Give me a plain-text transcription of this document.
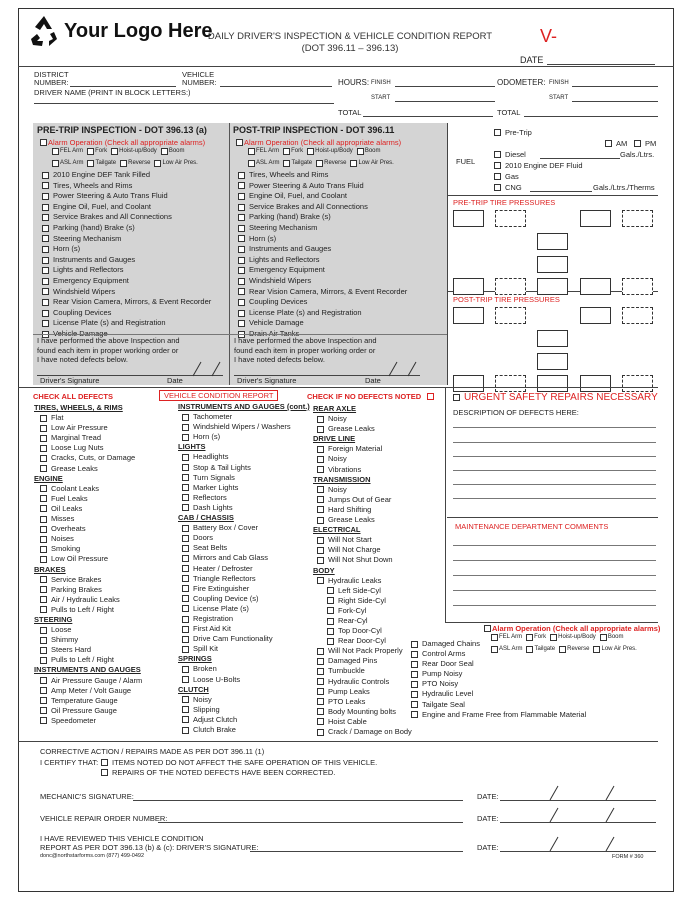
Your Logo Here
DAILY DRIVER'S INSPECTION & VEHICLE CONDITION REPORT
(DOT 396.11 – 396.13)
V-
DATE
DISTRICT
NUMBER:
VEHICLE
NUMBER:	HOURS: FINISH
START
ODOMETER: FINISH
START
DRIVER NAME (PRINT IN BLOCK LETTERS:)
TOTAL	TOTAL
PRE-TRIP INSPECTION - DOT 396.13 (a)	POST-TRIP INSPECTION - DOT 396.11
Alarm Operation (Check all appropriate alarms)
FEL Arm Fork Hoist-up/Body Boom
ASL Arm Tailgate Reverse Low Air Pres.
Alarm Operation (Check all appropriate alarms)
FEL Arm Fork Hoist-up/Body Boom
ASL Arm Tailgate Reverse Low Air Pres.
2010 Engine DEF Tank Filled
Tires, Wheels and Rims
Power Steering & Auto Trans Fluid
Engine Oil, Fuel, and Coolant
Service Brakes and All Connections
Parking (hand) Brake (s)
Steering Mechanism
Horn (s)
Instruments and Gauges
Lights and Reflectors
Emergency Equipment
Windshield Wipers
Rear Vision Camera, Mirrors, & Event Recorder
Coupling Devices
License Plate (s) and Registration
Vehicle Damage
Tires, Wheels and Rims
Power Steering & Auto Trans Fluid
Engine Oil, Fuel, and Coolant
Service Brakes and All Connections
Parking (hand) Brake (s)
Steering Mechanism
Horn (s)
Instruments and Gauges
Lights and Reflectors
Emergency Equipment
Windshield Wipers
Rear Vision Camera, Mirrors, & Event Recorder
Coupling Devices
License Plate (s) and Registration
Vehicle Damage
Drain Air Tanks
I have performed the above Inspection and
found each item in proper working order or
I have noted defects below.
I have performed the above Inspection and
found each item in proper working order or
I have noted defects below.
Driver's Signature	Date	Driver's Signature	Date
Pre-Trip
AM PM
FUEL
Diesel	Gals./Ltrs.
2010 Engine DEF Fluid
Gas
CNG	Gals./Ltrs./Therms
PRE-TRIP TIRE PRESSURES
POST-TRIP TIRE PRESSURES
CHECK ALL DEFECTS	VEHICLE CONDITION REPORT	CHECK IF NO DEFECTS NOTED
TIRES, WHEELS, & RIMS
Flat
Low Air Pressure
Marginal Tread
Loose Lug Nuts
Cracks, Cuts, or Damage
Grease Leaks
ENGINE
Coolant Leaks
Fuel Leaks
Oil Leaks
Misses
Overheats
Noises
Smoking
Low Oil Pressure
BRAKES
Service Brakes
Parking Brakes
Air / Hydraulic Leaks
Pulls to Left / Right
STEERING
Loose
Shimmy
Steers Hard
Pulls to Left / Right
INSTRUMENTS AND GAUGES
Air Pressure Gauge / Alarm
Amp Meter / Volt Gauge
Temperature Gauge
Oil Pressure Gauge
Speedometer
INSTRUMENTS AND GAUGES (cont.)
Tachometer
Windshield Wipers / Washers
Horn (s)
LIGHTS
Headlights
Stop & Tail Lights
Turn Signals
Marker Lights
Reflectors
Dash Lights
CAB / CHASSIS
Battery Box / Cover
Doors
Seat Belts
Mirrors and Cab Glass
Heater / Defroster
Triangle Reflectors
Fire Extinguisher
Coupling Device (s)
License Plate (s)
Registration
First Aid Kit
Drive Cam Functionality
Spill Kit
SPRINGS
Broken
Loose U-Bolts
CLUTCH
Noisy
Slipping
Adjust Clutch
Clutch Brake
REAR AXLE
Noisy
Grease Leaks
DRIVE LINE
Foreign Material
Noisy
Vibrations
TRANSMISSION
Noisy
Jumps Out of Gear
Hard Shifting
Grease Leaks
ELECTRICAL
Will Not Start
Will Not Charge
Will Not Shut Down
BODY
Hydraulic Leaks
Left Side-Cyl
Right Side-Cyl
Fork-Cyl
Rear-Cyl
Top Door-Cyl
Rear Door-Cyl
Will Not Pack Properly
Damaged Pins
Turnbuckle
Hydraulic Controls
Pump Leaks
PTO Leaks
Body Mounting bolts
Hoist Cable
Crack / Damage on Body
Damaged Chains
Control Arms
Rear Door Seal
Pump Noisy
PTO Noisy
Hydraulic Level
Tailgate Seal
Engine and Frame Free from Flammable Material
URGENT SAFETY REPAIRS NECESSARY
DESCRIPTION OF DEFECTS HERE:
MAINTENANCE DEPARTMENT COMMENTS
Alarm Operation (Check all appropriate alarms)
FEL Arm Fork Hoist-up/Body Boom
ASL Arm Tailgate Reverse Low Air Pres.
CORRECTIVE ACTION / REPAIRS MADE AS PER DOT 396.11 (1)
I CERTIFY THAT: ITEMS NOTED DO NOT AFFECT THE SAFE OPERATION OF THIS VEHICLE.
REPAIRS OF THE NOTED DEFECTS HAVE BEEN CORRECTED.
MECHANIC'S SIGNATURE:
VEHICLE REPAIR ORDER NUMBER:
I HAVE REVIEWED THIS VEHICLE CONDITION
REPORT AS PER DOT 396.13 (b) & (c): DRIVER'S SIGNATURE:
donc@northstarforms.com (877) 499-0492
DATE:
DATE:
DATE:
FORM # 360
